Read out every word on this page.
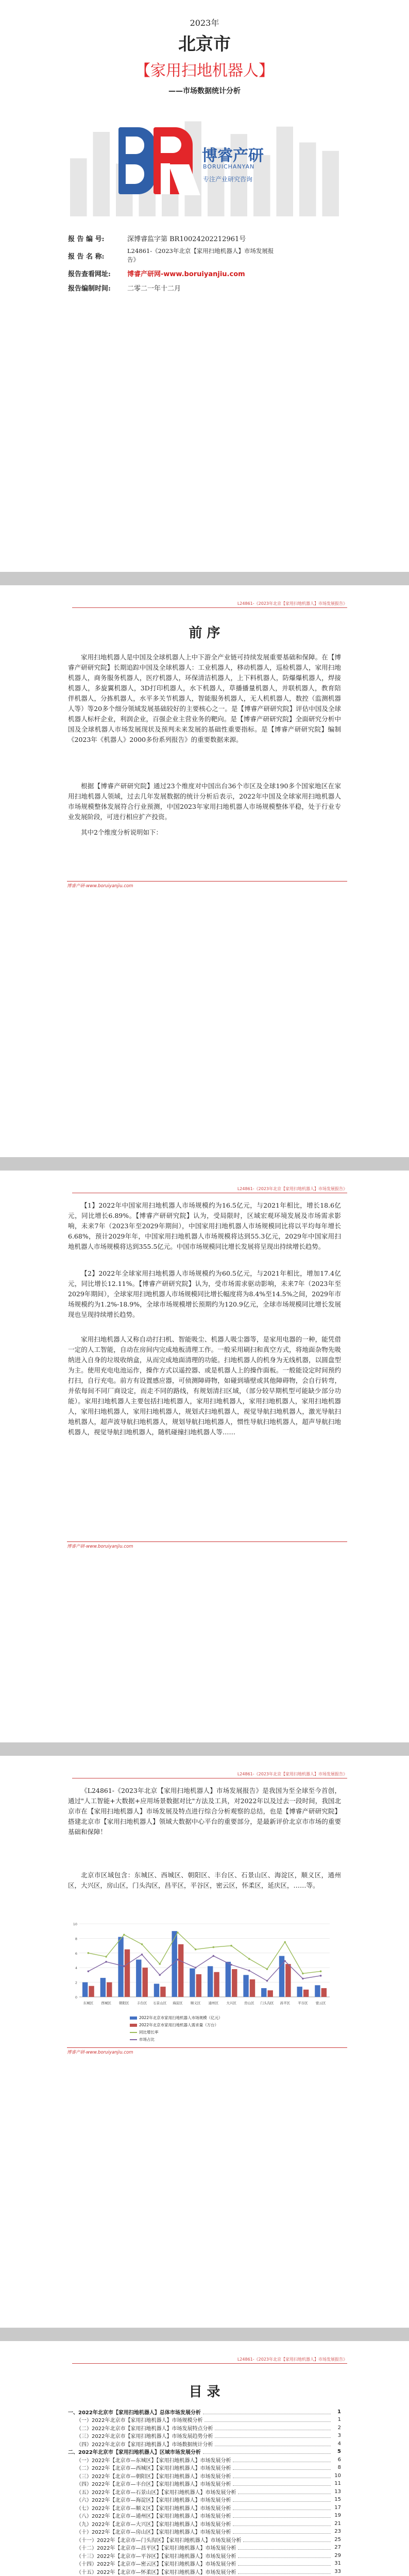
2023年
北京市
【家用扫地机器人】
——市场数据统计分析
博睿产研
BORUICHANYAN
专注产业研究咨询
报 告 编 号:	深博睿监字第 BR10024202212961号
报 告 名 称:
L24861-《2023年北京【家用扫地机器人】市场发展报告》
报告查看网址:	博睿产研网-www.boruiyanjiu.com
报告编制时间:	二零二一年十二月
L24861-《2023年北京【家用扫地机器人】市场发展报告》
前 序
家用扫地机器人是中国及全球机器人上中下游全产业链可持续发展重要基础和保障。在【博睿产研研究院】长期追踪中国及全球机器人：工业机器人，移动机器人，巡检机器人，家用扫地机器人，商务服务机器人，医疗机器人，环保清洁机器人，上下料机器人，防爆爆机器人，焊接机器人，多旋翼机器人，3D打印机器人，水下机器人，草播播量机器人，并联机器人，教育陪伴机器人，分拣机器人，水平多关节机器人，智能服务机器人，无人机机器人，数控（监测机器人等）等20多个细分领域发展基础较好的主要核心之一。是【博睿产研研究院】评估中国及全球机器人标杆企业，利润企业，百强企业主营业务的靶向。是【博睿产研研究院】全面研究分析中国及全球机器人市场发展现状及预判未来发展的基础性重要指标。是【博睿产研研究院】编制《2023年《机器人》2000多份系列报告》的重要数据来源。
根据【博睿产研研究院】通过23个维度对中国出台36个市区及全球190多个国家地区在家用扫地机器人领域，过去几年发展数据的统计分析后表示，2022年中国及全球家用扫地机器人市场规模整体发展符合行业预测，中国2023年家用扫地机器人市场规模整体平稳，处于行业专业发展阶段，可进行相应扩产投资。
其中2个维度分析说明如下：
博睿产研-www.boruiyanjiu.com
L24861-《2023年北京【家用扫地机器人】市场发展报告》
【1】2022年中国家用扫地机器人市场规模约为16.5亿元，与2021年相比，增长18.6亿元，同比增长6.89%。【博睿产研研究院】认为，受局限时，区域宏观环境发展及市场需求影响，未来7年（2023年至2029年期间），中国家用扫地机器人市场规模同比将以平均每年增长6.68%，预计2029年年，中国家用扫地机器人市场规模将达到55.3亿元，2029年中国家用扫地机器人市场规模将达到355.5亿元。中国市场规模同比增长发展将呈现出持续增长趋势。
【2】2022年全球家用扫地机器人市场规模约为60.5亿元，与2021年相比，增加17.4亿元，同比增长12.11%。【博睿产研研究院】认为，受市场需求驱动影响，未来7年（2023年至2029年期间），全球家用扫地机器人市场规模同比增长幅度将为8.4%至14.5%之间，2029年市场规模约为1.2%-18.9%，全球市场规模增长预期约为120.9亿元，全球市场规模同比增长发展现也呈现持续增长趋势。
家用扫地机器人又称自动打扫机、智能吸尘、机器人吸尘器等，是家用电器的一种，能凭借一定的人工智能，自动在房间内完成地板清理工作。一般采用刷扫和真空方式，将地面杂物先吸纳进入自身的垃圾收纳盒，从而完成地面清理的功能。扫地机器人的机身为无线机器，以圆盘型为主。使用充电电池运作，操作方式以遥控器、或是机器人上的操作面板。一般能设定时间预约打扫，自行充电。前方有设置感应器，可侦测障碍物，如碰到墙壁或其他障碍物，会自行转弯，并依每间不同厂商设定，而走不同的路线，有规划清扫区域，（部分较早期机型可能缺少部分功能）。家用扫地机器人主要包括扫地机器人，家用扫地机器人，家用扫地机器人，家用扫地机器人，家用扫地机器人，家用扫地机器人，规划式扫地机器人，视觉导航扫地机器人，激光导航扫地机器人，超声波导航扫地机器人，规划导航扫地机器人，惯性导航扫地机器人，超声导航扫地机器人，视觉导航扫地机器人，随机碰撞扫地机器人等……
博睿产研-www.boruiyanjiu.com
L24861-《2023年北京【家用扫地机器人】市场发展报告》
《L24861-《2023年北京【家用扫地机器人】市场发展报告》是我国为至全球至今首创，通过"人工智能+大数据+应用场景数据对比"方法及工具，对2022年以及过去一段时间，我国北京市在【家用扫地机器人】市场发展及特点进行综合分析观察的总结，也是【博睿产研研究院】搭建北京市【家用扫地机器人】领域大数据中心平台的重要部分，是最新评价北京市市场的重要基础和保障！
北京市区域包含：东城区、西城区、朝阳区、丰台区、石景山区、海淀区，顺义区，通州区，大兴区，房山区，门头沟区，昌平区，平谷区，密云区，怀柔区，延庆区，……等。
0
2
4
6
8
10
东城区 西城区 朝阳区 丰台区 石景山区 海淀区 顺义区 通州区 大兴区 房山区 门头沟区 昌平区 平谷区 密云区
2022年北京市家用扫地机器人市场规模（亿元）
2022年北京市家用扫地机器人需求量（万台）
同比增长率
市场占比
博睿产研-www.boruiyanjiu.com
L24861-《2023年北京【家用扫地机器人】市场发展报告》
目 录
一、2022年北京市【家用扫地机器人】总体市场发展分析	1
（一）2022年北京市【家用扫地机器人】市场规模分析	1
（二）2022年北京市【家用扫地机器人】市场发展特点分析	2
（三）2022年北京市【家用扫地机器人】市场发展趋势分析	3
（四）2022年北京市【家用扫地机器人】市场数据统计分析	4
二、2022年北京市【家用扫地机器人】区域市场发展分析	5
（一）2022年【北京市—东城区】【家用扫地机器人】市场发展分析	6
（二）2022年【北京市—西城区】【家用扫地机器人】市场发展分析	8
（三）2022年【北京市—朝阳区】【家用扫地机器人】市场发展分析	10
（四）2022年【北京市—丰台区】【家用扫地机器人】市场发展分析	11
（五）2022年【北京市—石景山区】【家用扫地机器人】市场发展分析	13
（六）2022年【北京市—海淀区】【家用扫地机器人】市场发展分析	15
（七）2022年【北京市—顺义区】【家用扫地机器人】市场发展分析	17
（八）2022年【北京市—通州区】【家用扫地机器人】市场发展分析	19
（九）2022年【北京市—大兴区】【家用扫地机器人】市场发展分析	21
（十）2022年【北京市—房山区】【家用扫地机器人】市场发展分析	23
（十一）2022年【北京市—门头沟区】【家用扫地机器人】市场发展分析	25
（十二）2022年【北京市—昌平区】【家用扫地机器人】市场发展分析	27
（十三）2022年【北京市—平谷区】【家用扫地机器人】市场发展分析	29
（十四）2022年【北京市—密云区】【家用扫地机器人】市场发展分析	31
（十五）2022年【北京市—怀柔区】【家用扫地机器人】市场发展分析	33
